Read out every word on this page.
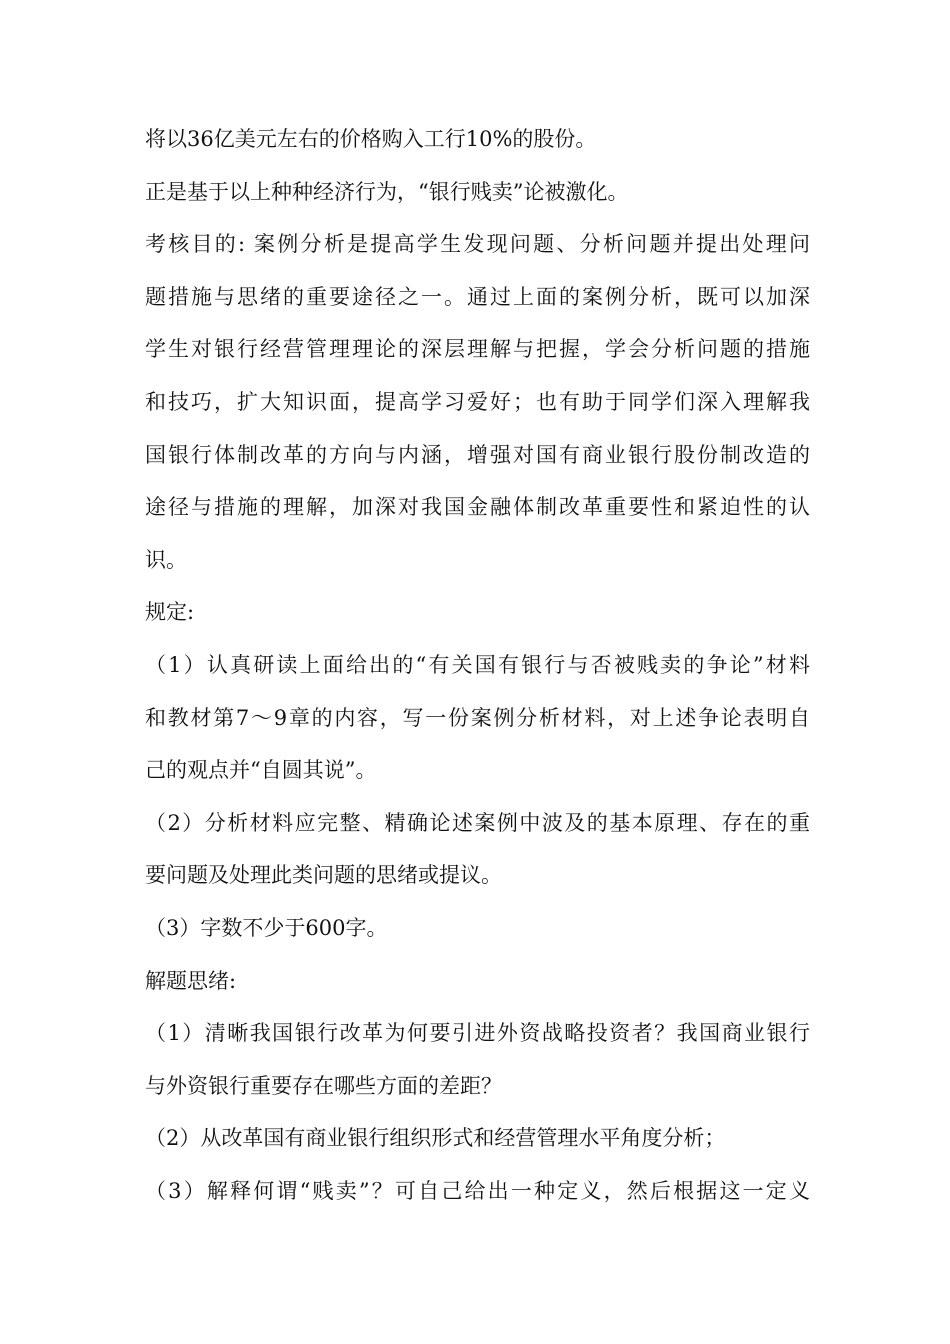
将以36亿美元左右的价格购入工行10%的股份。
正是基于以上种种经济行为，“银行贱卖”论被激化。
考核目的: 案例分析是提高学生发现问题、分析问题并提出处理问
题措施与思绪的重要途径之一。通过上面的案例分析，既可以加深
学生对银行经营管理理论的深层理解与把握，学会分析问题的措施
和技巧，扩大知识面，提高学习爱好；也有助于同学们深入理解我
国银行体制改革的方向与内涵，增强对国有商业银行股份制改造的
途径与措施的理解，加深对我国金融体制改革重要性和紧迫性的认
识。
规定:
（1）认真研读上面给出的“有关国有银行与否被贱卖的争论”材料
和教材第7～9章的内容，写一份案例分析材料，对上述争论表明自
己的观点并“自圆其说”。
（2）分析材料应完整、精确论述案例中波及的基本原理、存在的重
要问题及处理此类问题的思绪或提议。
（3）字数不少于600字。
解题思绪:
（1）清晰我国银行改革为何要引进外资战略投资者？我国商业银行
与外资银行重要存在哪些方面的差距？
（2）从改革国有商业银行组织形式和经营管理水平角度分析；
（3）解释何谓“贱卖”？可自己给出一种定义，然后根据这一定义
